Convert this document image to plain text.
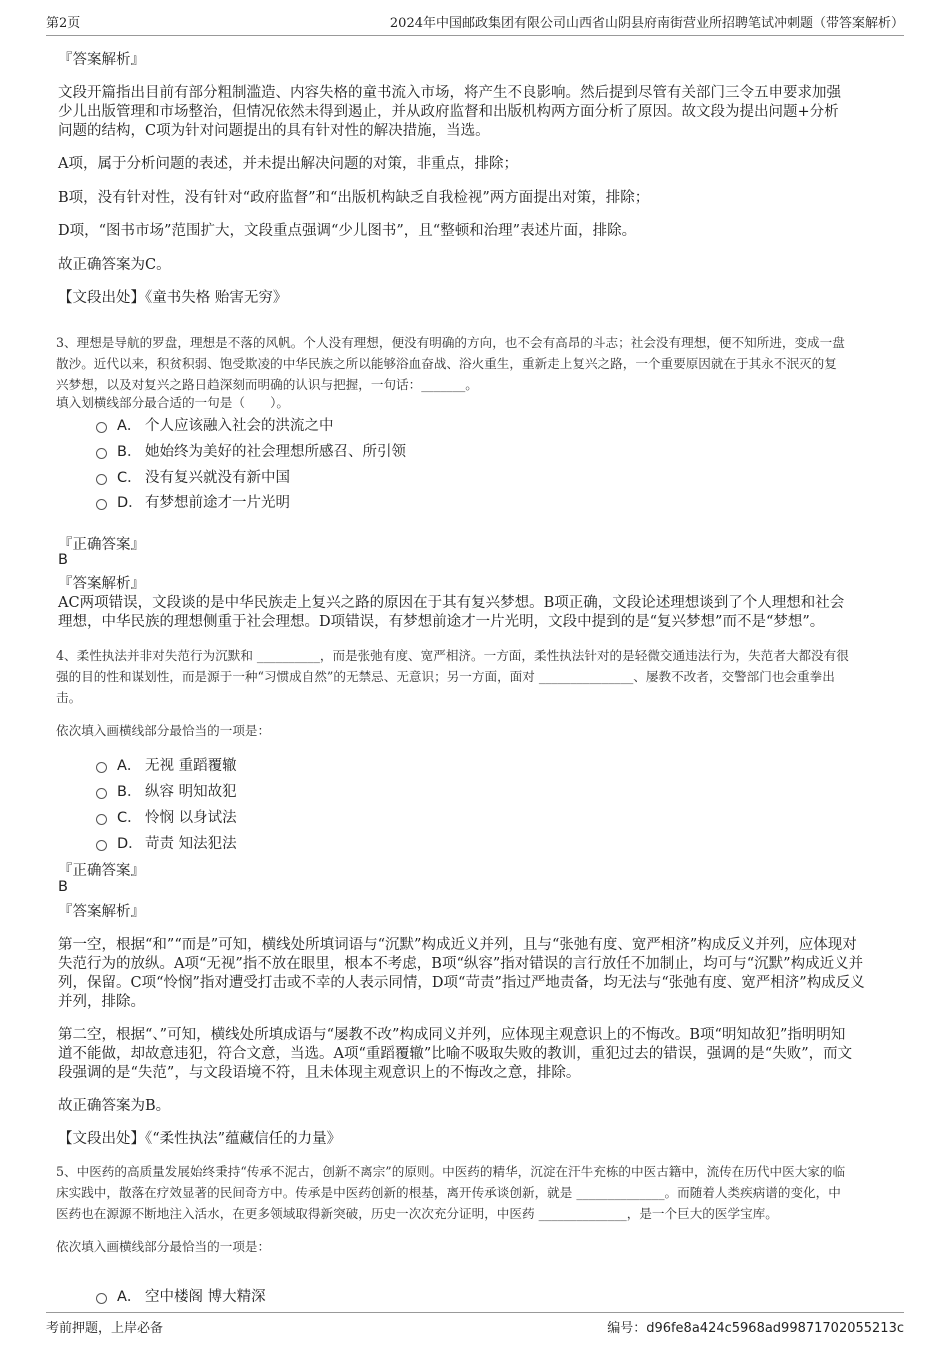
第2页	2024年中国邮政集团有限公司山西省山阴县府南街营业所招聘笔试冲刺题（带答案解析）
『答案解析』
文段开篇指出目前有部分粗制滥造、内容失格的童书流入市场，将产生不良影响。然后提到尽管有关部门三令五申要求加强
少儿出版管理和市场整治，但情况依然未得到遏止，并从政府监督和出版机构两方面分析了原因。故文段为提出问题+分析
问题的结构，C项为针对问题提出的具有针对性的解决措施，当选。
A项，属于分析问题的表述，并未提出解决问题的对策，非重点，排除；
B项，没有针对性，没有针对“政府监督”和“出版机构缺乏自我检视”两方面提出对策，排除；
D项，“图书市场”范围扩大，文段重点强调“少儿图书”，且“整顿和治理”表述片面，排除。
故正确答案为C。
【文段出处】《童书失格 贻害无穷》
3、理想是导航的罗盘，理想是不落的风帆。个人没有理想，便没有明确的方向，也不会有高昂的斗志；社会没有理想，便不知所进，变成一盘
散沙。近代以来，积贫积弱、饱受欺凌的中华民族之所以能够浴血奋战、浴火重生，重新走上复兴之路，一个重要原因就在于其永不泯灭的复
兴梦想，以及对复兴之路日趋深刻而明确的认识与把握，一句话：_______。
填入划横线部分最合适的一句是（　　）。
A． 个人应该融入社会的洪流之中
B． 她始终为美好的社会理想所感召、所引领
C． 没有复兴就没有新中国
D． 有梦想前途才一片光明
『正确答案』
B
『答案解析』
AC两项错误，文段谈的是中华民族走上复兴之路的原因在于其有复兴梦想。B项正确，文段论述理想谈到了个人理想和社会
理想，中华民族的理想侧重于社会理想。D项错误，有梦想前途才一片光明，文段中提到的是“复兴梦想”而不是“梦想”。
4、柔性执法并非对失范行为沉默和 __________，而是张弛有度、宽严相济。一方面，柔性执法针对的是轻微交通违法行为，失范者大都没有很
强的目的性和谋划性，而是源于一种“习惯成自然”的无禁忌、无意识；另一方面，面对 _______________、屡教不改者，交警部门也会重拳出
击。
依次填入画横线部分最恰当的一项是：
A． 无视 重蹈覆辙
B． 纵容 明知故犯
C． 怜悯 以身试法
D． 苛责 知法犯法
『正确答案』
B
『答案解析』
第一空，根据“和”“而是”可知，横线处所填词语与“沉默”构成近义并列，且与“张弛有度、宽严相济”构成反义并列，应体现对
失范行为的放纵。A项“无视”指不放在眼里，根本不考虑，B项“纵容”指对错误的言行放任不加制止，均可与“沉默”构成近义并
列，保留。C项“怜悯”指对遭受打击或不幸的人表示同情，D项“苛责”指过严地责备，均无法与“张弛有度、宽严相济”构成反义
并列，排除。
第二空，根据“、”可知，横线处所填成语与“屡教不改”构成同义并列，应体现主观意识上的不悔改。B项“明知故犯”指明明知
道不能做，却故意违犯，符合文意，当选。A项“重蹈覆辙”比喻不吸取失败的教训，重犯过去的错误，强调的是“失败”，而文
段强调的是“失范”，与文段语境不符，且未体现主观意识上的不悔改之意，排除。
故正确答案为B。
【文段出处】《“柔性执法”蕴藏信任的力量》
5、中医药的高质量发展始终秉持“传承不泥古，创新不离宗”的原则。中医药的精华，沉淀在汗牛充栋的中医古籍中，流传在历代中医大家的临
床实践中，散落在疗效显著的民间奇方中。传承是中医药创新的根基，离开传承谈创新，就是 ______________。而随着人类疾病谱的变化，中
医药也在源源不断地注入活水，在更多领域取得新突破，历史一次次充分证明，中医药 ______________，是一个巨大的医学宝库。
依次填入画横线部分最恰当的一项是：
A． 空中楼阁 博大精深
考前押题，上岸必备	编号：d96fe8a424c5968ad99871702055213c
